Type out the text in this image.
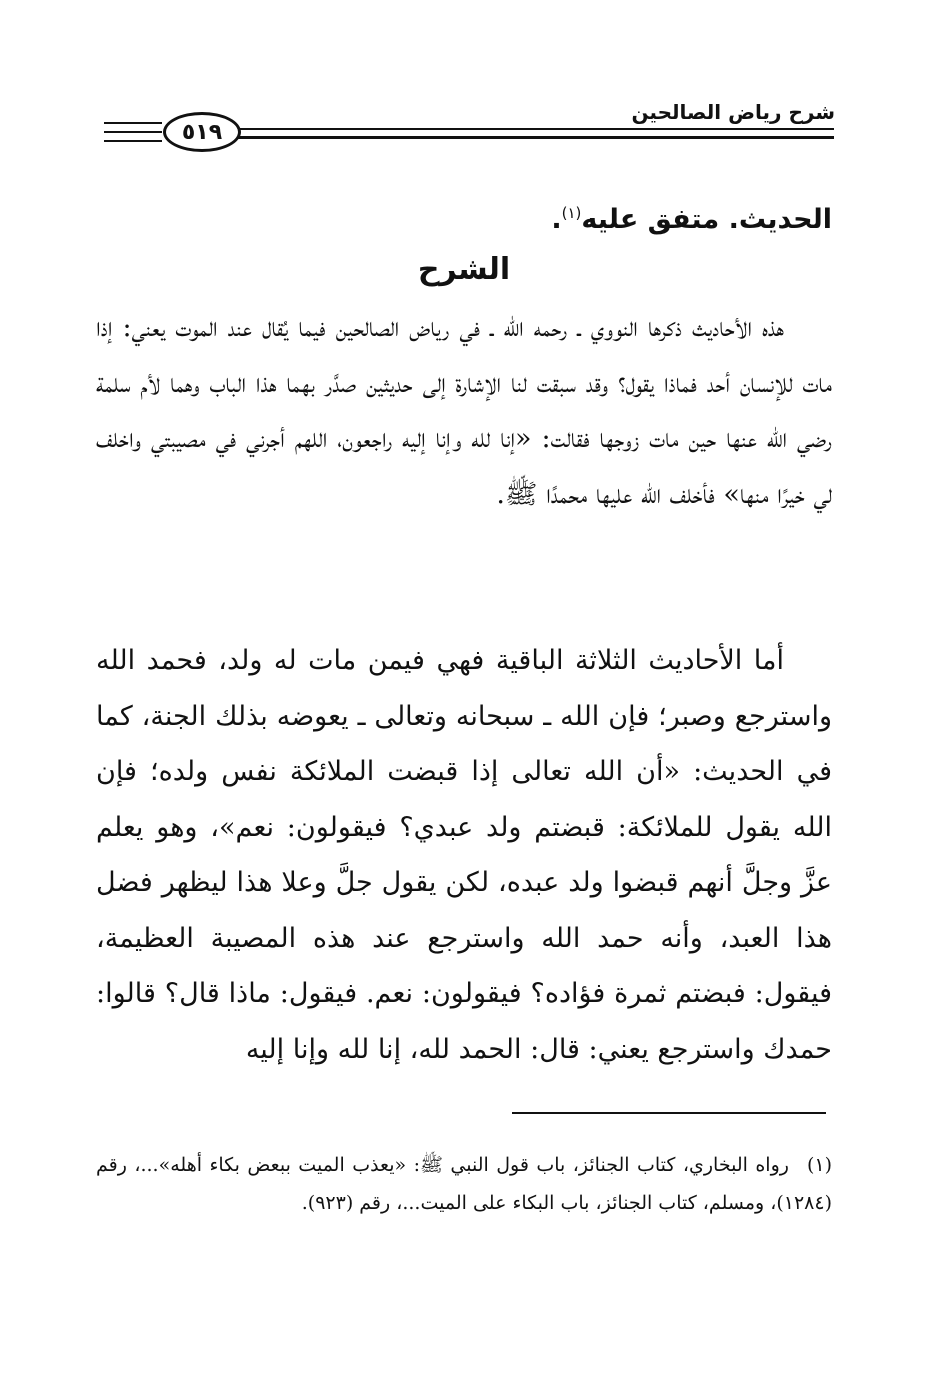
شرح رياض الصالحين
٥١٩
الحديث. متفق عليه$^{(١)}$.
الشرح
هذه الأحاديث ذكرها النووي ـ رحمه الله ـ في رياض الصالحين فيما يُقال عند الموت يعني: إذا مات للإنسان أحد فماذا يقول؟ وقد سبقت لنا الإشارة إلى حديثين صدَّر بهما هذا الباب وهما لأم سلمة رضي الله عنها حين مات زوجها فقالت: «إنا لله وإنا إليه راجعون، اللهم أجرني في مصيبتي واخلف لي خيرًا منها» فأخلف الله عليها محمدًا ﷺ.
أما الأحاديث الثلاثة الباقية فهي فيمن مات له ولد، فحمد الله واسترجع وصبر؛ فإن الله ـ سبحانه وتعالى ـ يعوضه بذلك الجنة، كما في الحديث: «أن الله تعالى إذا قبضت الملائكة نفس ولده؛ فإن الله يقول للملائكة: قبضتم ولد عبدي؟ فيقولون: نعم»، وهو يعلم عزَّ وجلَّ أنهم قبضوا ولد عبده، لكن يقول جلَّ وعلا هذا ليظهر فضل هذا العبد، وأنه حمد الله واسترجع عند هذه المصيبة العظيمة، فيقول: فبضتم ثمرة فؤاده؟ فيقولون: نعم. فيقول: ماذا قال؟ قالوا: حمدك واسترجع يعني: قال: الحمد لله، إنا لله وإنا إليه
(١)رواه البخاري، كتاب الجنائز، باب قول النبي ﷺ: «يعذب الميت ببعض بكاء أهله»...، رقم (١٢٨٤)، ومسلم، كتاب الجنائز، باب البكاء على الميت...، رقم (٩٢٣).
